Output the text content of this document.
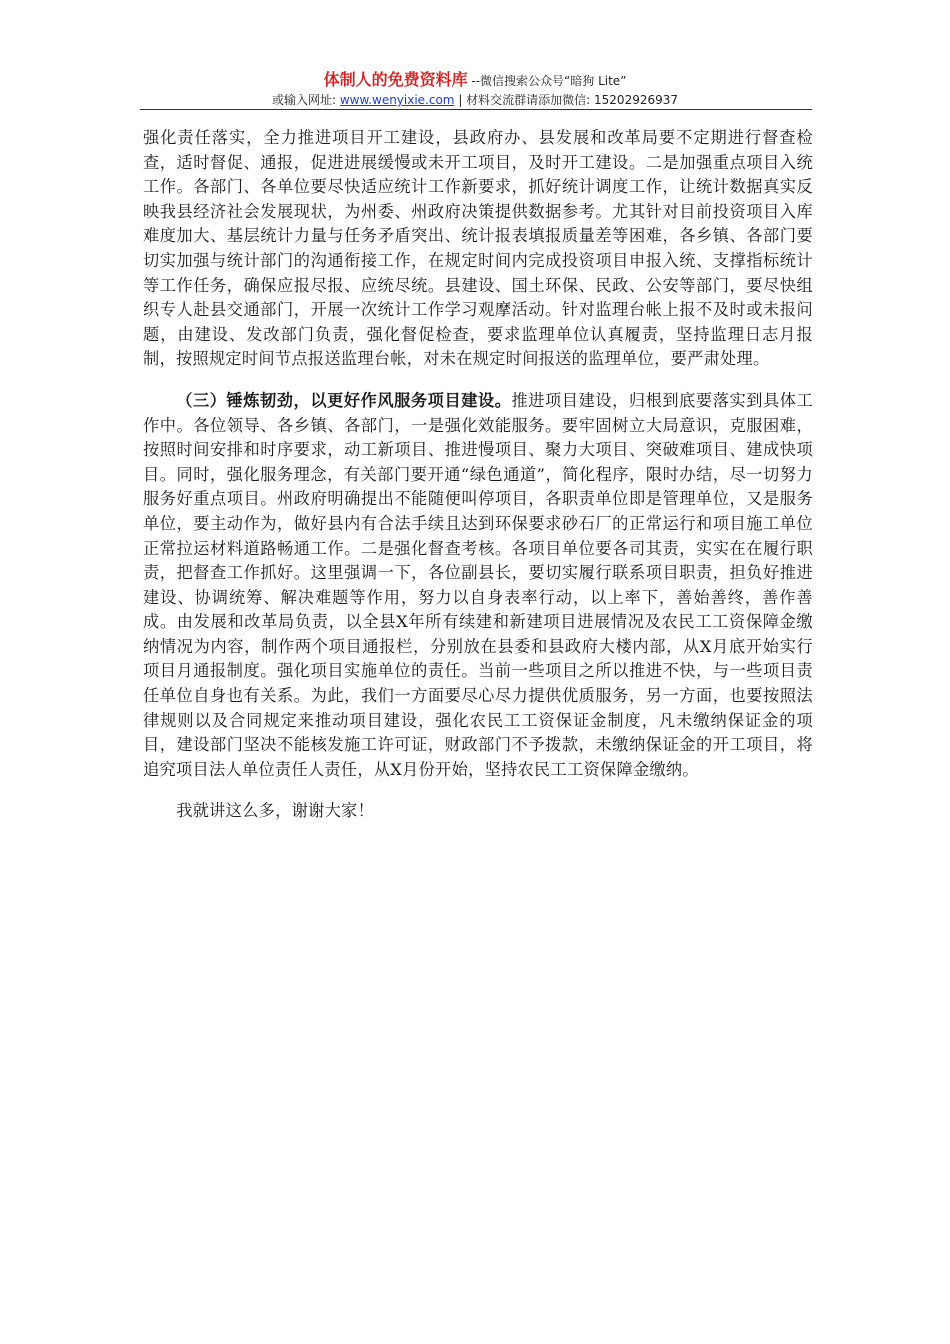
体制人的免费资料库 --微信搜索公众号“暗狗 Lite”
或输入网址: www.wenyixie.com | 材料交流群请添加微信: 15202926937

强化责任落实，全力推进项目开工建设，县政府办、县发展和改革局要不定期进行督查检查，适时督促、通报，促进进展缓慢或未开工项目，及时开工建设。二是加强重点项目入统工作。各部门、各单位要尽快适应统计工作新要求，抓好统计调度工作，让统计数据真实反映我县经济社会发展现状，为州委、州政府决策提供数据参考。尤其针对目前投资项目入库难度加大、基层统计力量与任务矛盾突出、统计报表填报质量差等困难，各乡镇、各部门要切实加强与统计部门的沟通衔接工作，在规定时间内完成投资项目申报入统、支撑指标统计等工作任务，确保应报尽报、应统尽统。县建设、国土环保、民政、公安等部门，要尽快组织专人赴县交通部门，开展一次统计工作学习观摩活动。针对监理台帐上报不及时或未报问题，由建设、发改部门负责，强化督促检查，要求监理单位认真履责，坚持监理日志月报制，按照规定时间节点报送监理台帐，对未在规定时间报送的监理单位，要严肃处理。

（三）锤炼韧劲，以更好作风服务项目建设。推进项目建设，归根到底要落实到具体工作中。各位领导、各乡镇、各部门，一是强化效能服务。要牢固树立大局意识，克服困难，按照时间安排和时序要求，动工新项目、推进慢项目、聚力大项目、突破难项目、建成快项目。同时，强化服务理念，有关部门要开通“绿色通道”，简化程序，限时办结，尽一切努力服务好重点项目。州政府明确提出不能随便叫停项目，各职责单位即是管理单位，又是服务单位，要主动作为，做好县内有合法手续且达到环保要求砂石厂的正常运行和项目施工单位正常拉运材料道路畅通工作。二是强化督查考核。各项目单位要各司其责，实实在在履行职责，把督查工作抓好。这里强调一下，各位副县长，要切实履行联系项目职责，担负好推进建设、协调统筹、解决难题等作用，努力以自身表率行动，以上率下，善始善终，善作善成。由发展和改革局负责，以全县X年所有续建和新建项目进展情况及农民工工资保障金缴纳情况为内容，制作两个项目通报栏，分别放在县委和县政府大楼内部，从X月底开始实行项目月通报制度。强化项目实施单位的责任。当前一些项目之所以推进不快，与一些项目责任单位自身也有关系。为此，我们一方面要尽心尽力提供优质服务，另一方面，也要按照法律规则以及合同规定来推动项目建设，强化农民工工资保证金制度，凡未缴纳保证金的项目，建设部门坚决不能核发施工许可证，财政部门不予拨款，未缴纳保证金的开工项目，将追究项目法人单位责任人责任，从X月份开始，坚持农民工工资保障金缴纳。

我就讲这么多，谢谢大家！
